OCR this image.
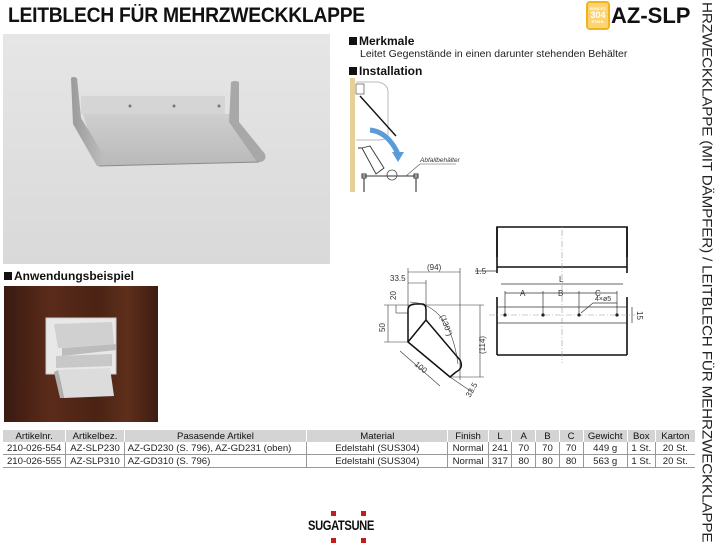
LEITBLECH FÜR MEHRZWECKKLAPPE	EDELST.
304
STAHL AZ-SLP HRZWECKKLAPPE (MIT DÄMPFER) / LEITBLECH FÜR MEHRZWECKKLAPPE
Merkmale
Leitet Gegenstände in einen darunter stehenden Behälter
Installation
Abfallbehälter
Anwendungsbeispiel
(94)
33.5
20
50	(130°)
(114)
100
33.5
1.5
L
A	B	C
4×ø5
15
Artikelnr.	Artikelbez.	Pasasende Artikel	Material	Finish	L	A	B	C	Gewicht	Box	Karton
210-026-554	AZ-SLP230	AZ-GD230 (S. 796), AZ-GD231 (oben)	Edelstahl (SUS304)	Normal	241	70	70	70	449 g	1 St.	20 St.
210-026-555	AZ-SLP310	AZ-GD310 (S. 796)	Edelstahl (SUS304)	Normal	317	80	80	80	563 g	1 St.	20 St.
SUGATSUNE
